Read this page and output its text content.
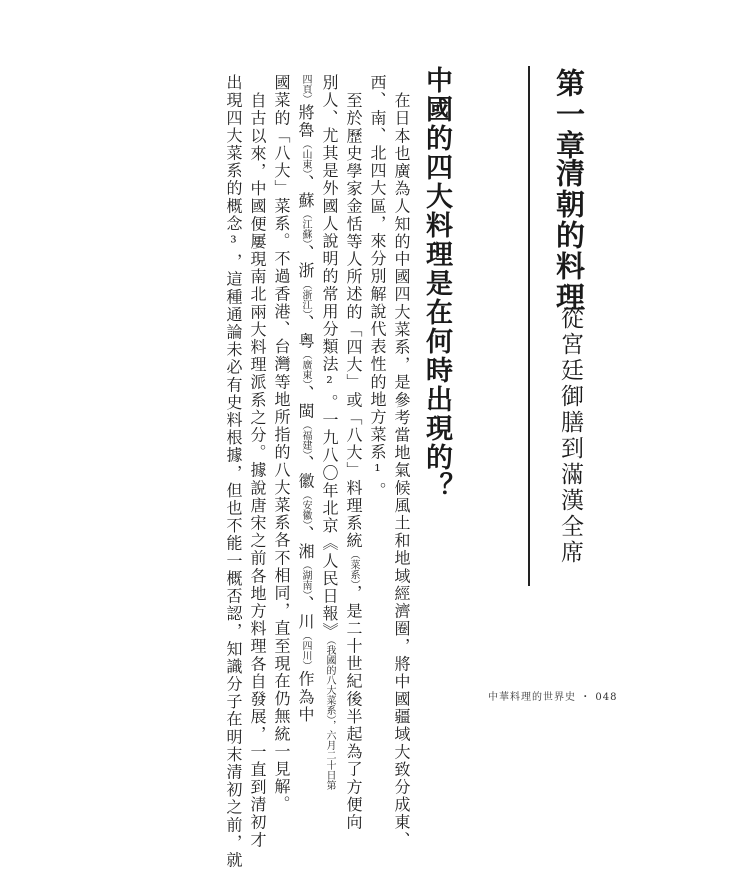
第一章
清朝的料理
從宮廷御膳到滿漢全席
中國的四大料理是在何時出現的？
在日本也廣為人知的中國四大菜系，是參考當地氣候風土和地域經濟圈，將中國疆域大致分成東、
西、南、北四大區，來分別解說代表性的地方菜系¹。
至於歷史學家金恬等人所述的「四大」或「八大」料理系統（菜系），是二十世紀後半起為了方便向
別人、尤其是外國人說明的常用分類法²。一九八〇年北京《人民日報》（我國的八大菜系），六月二十日第
四頁）將魯（山東）、蘇（江蘇）、浙（浙江）、粵（廣東）、閩（福建）、徽（安徽）、湘（湖南）、川（四川）作為中
國菜的「八大」菜系。不過香港、台灣等地所指的八大菜系各不相同，直至現在仍無統一見解。
自古以來，中國便屢現南北兩大料理派系之分。據說唐宋之前各地方料理各自發展，一直到清初才
出現四大菜系的概念³，這種通論未必有史料根據，但也不能一概否認，知識分子在明末清初之前，就	中華料理的世界史 ・ 048
